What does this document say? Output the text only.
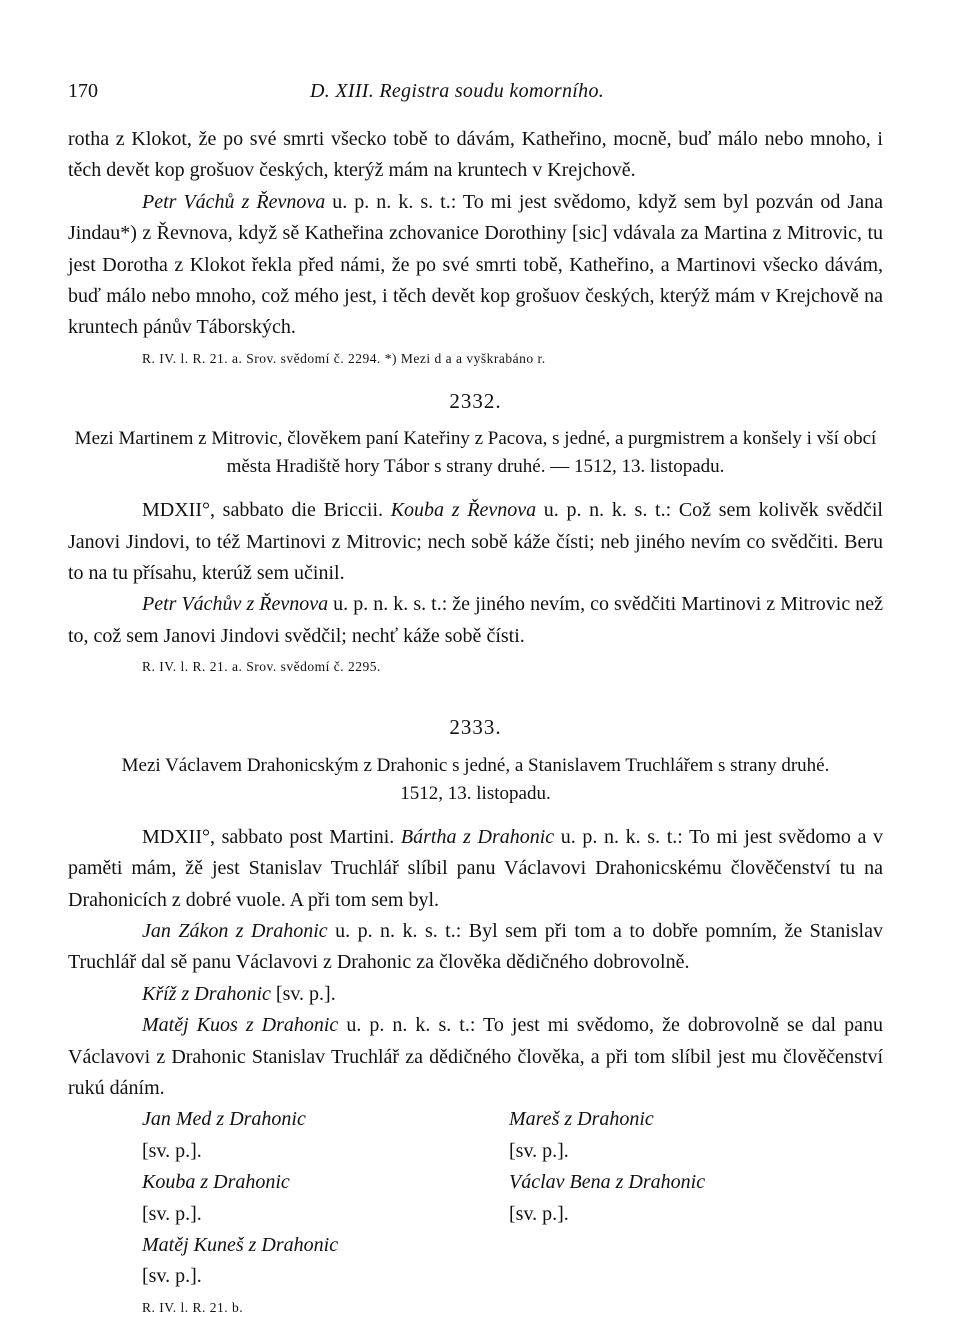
170	D. XIII. Registra soudu komorního.

rotha z Klokot, že po své smrti všecko tobě to dávám, Katheřino, mocně, buď málo nebo mnoho, i těch devět kop grošuov českých, kterýž mám na kruntech v Krejchově.

Petr Váchů z Řevnova u. p. n. k. s. t.: To mi jest svědomo, když sem byl pozván od Jana Jindau*) z Řevnova, když sě Katheřina zchovanice Dorothiny [sic] vdávala za Martina z Mitrovic, tu jest Dorotha z Klokot řekla před námi, že po své smrti tobě, Katheřino, a Martinovi všecko dávám, buď málo nebo mnoho, což mého jest, i těch devět kop grošuov českých, kterýž mám v Krejchově na kruntech pánův Táborských.

R. IV. l. R. 21. a. Srov. svědomí č. 2294. *) Mezi d a a vyškrabáno r.
2332.
Mezi Martinem z Mitrovic, člověkem paní Kateřiny z Pacova, s jedné, a purgmistrem a konšely i vší obcí města Hradiště hory Tábor s strany druhé. — 1512, 13. listopadu.

MDXII°, sabbato die Briccii. Kouba z Řevnova u. p. n. k. s. t.: Což sem kolivěk svědčil Janovi Jindovi, to též Martinovi z Mitrovic; nech sobě káže čísti; neb jiného nevím co svědčiti. Beru to na tu přísahu, kterúž sem učinil.

Petr Váchův z Řevnova u. p. n. k. s. t.: že jiného nevím, co svědčiti Martinovi z Mitrovic než to, což sem Janovi Jindovi svědčil; nechť káže sobě čísti.

R. IV. l. R. 21. a. Srov. svědomí č. 2295.
2333.
Mezi Václavem Drahonicským z Drahonic s jedné, a Stanislavem Truchlářem s strany druhé.
1512, 13. listopadu.

MDXII°, sabbato post Martini. Bártha z Drahonic u. p. n. k. s. t.: To mi jest svědomo a v paměti mám, žě jest Stanislav Truchlář slíbil panu Václavovi Drahonicskému člověčenství tu na Drahonicích z dobré vuole. A při tom sem byl.

Jan Zákon z Drahonic u. p. n. k. s. t.: Byl sem při tom a to dobře pomním, že Stanislav Truchlář dal sě panu Václavovi z Drahonic za člověka dědičného dobrovolně.

Kříž z Drahonic [sv. p.].

Matěj Kuos z Drahonic u. p. n. k. s. t.: To jest mi svědomo, že dobrovolně se dal panu Václavovi z Drahonic Stanislav Truchlář za dědičného člověka, a při tom slíbil jest mu člověčenství rukú dáním.

Jan Med z Drahonic[sv. p.].
Mareš z Drahonic[sv. p.].
Kouba z Drahonic[sv. p.].
Václav Bena z Drahonic[sv. p.].
Matěj Kuneš z Drahonic[sv. p.].
R. IV. l. R. 21. b.
